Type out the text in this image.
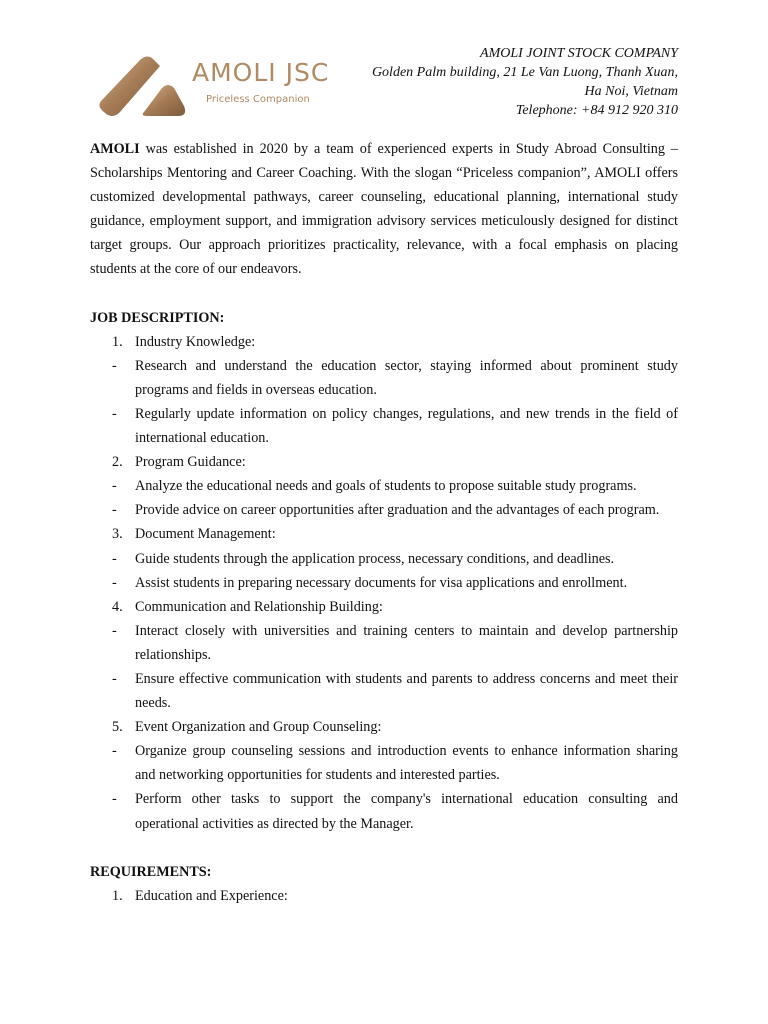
AMOLI JSC
Priceless Companion
AMOLI JOINT STOCK COMPANY
Golden Palm building, 21 Le Van Luong, Thanh Xuan,
Ha Noi, Vietnam
Telephone: +84 912 920 310

AMOLI was established in 2020 by a team of experienced experts in Study Abroad Consulting – Scholarships Mentoring and Career Coaching. With the slogan “Priceless companion”, AMOLI offers customized developmental pathways, career counseling, educational planning, international study guidance, employment support, and immigration advisory services meticulously designed for distinct target groups. Our approach prioritizes practicality, relevance, with a focal emphasis on placing students at the core of our endeavors.

JOB DESCRIPTION:
1. Industry Knowledge:
- Research and understand the education sector, staying informed about prominent study programs and fields in overseas education.
- Regularly update information on policy changes, regulations, and new trends in the field of international education.
2. Program Guidance:
- Analyze the educational needs and goals of students to propose suitable study programs.
- Provide advice on career opportunities after graduation and the advantages of each program.
3. Document Management:
- Guide students through the application process, necessary conditions, and deadlines.
- Assist students in preparing necessary documents for visa applications and enrollment.
4. Communication and Relationship Building:
- Interact closely with universities and training centers to maintain and develop partnership relationships.
- Ensure effective communication with students and parents to address concerns and meet their needs.
5. Event Organization and Group Counseling:
- Organize group counseling sessions and introduction events to enhance information sharing and networking opportunities for students and interested parties.
- Perform other tasks to support the company's international education consulting and operational activities as directed by the Manager.
REQUIREMENTS:
1. Education and Experience:
